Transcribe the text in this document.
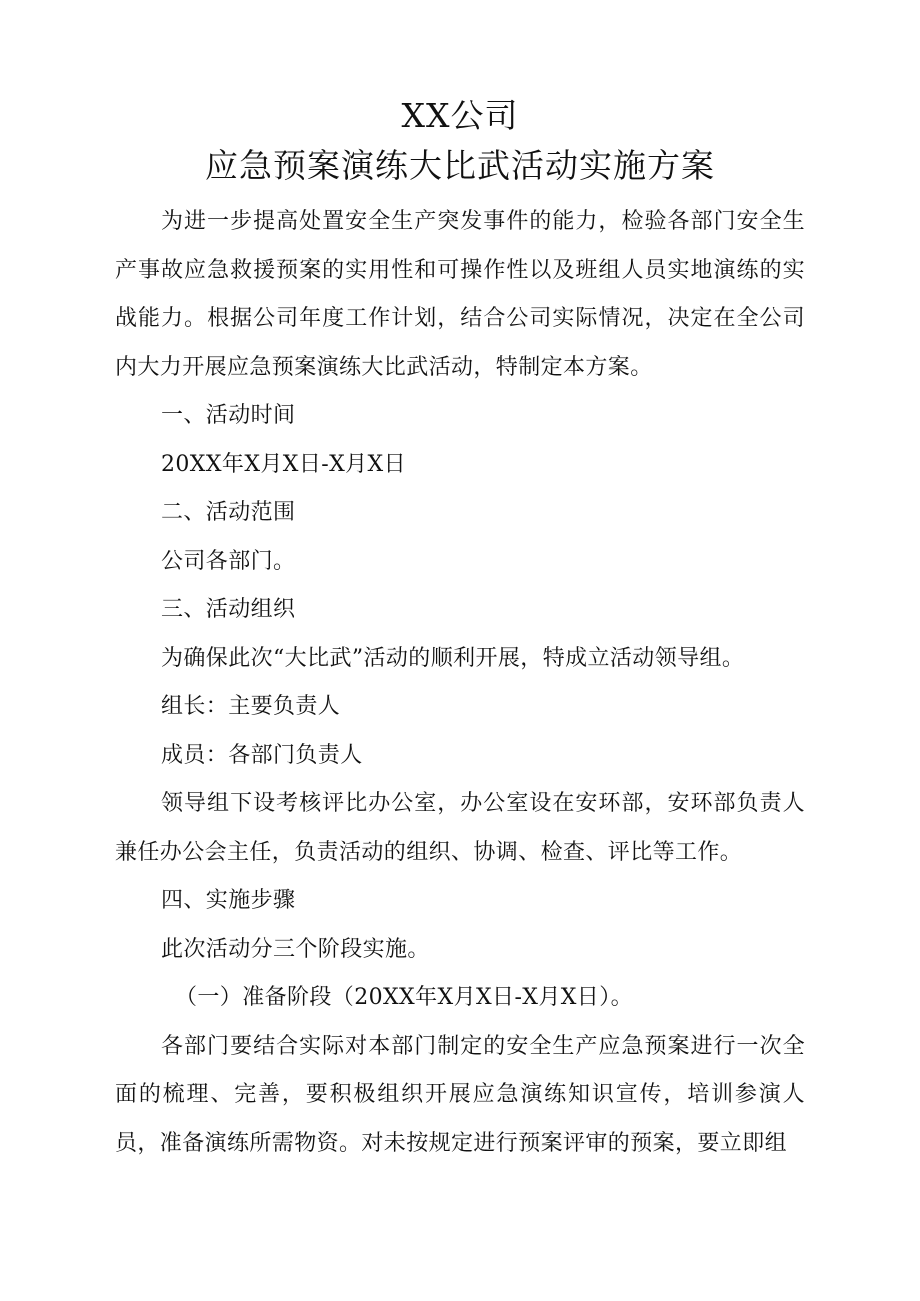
XX公司
应急预案演练大比武活动实施方案

为进一步提高处置安全生产突发事件的能力，检验各部门安全生产事故应急救援预案的实用性和可操作性以及班组人员实地演练的实战能力。根据公司年度工作计划，结合公司实际情况，决定在全公司内大力开展应急预案演练大比武活动，特制定本方案。

一、活动时间

20XX年X月X日-X月X日

二、活动范围

公司各部门。

三、活动组织

为确保此次“大比武”活动的顺利开展，特成立活动领导组。

组长：主要负责人

成员：各部门负责人

领导组下设考核评比办公室，办公室设在安环部，安环部负责人兼任办公会主任，负责活动的组织、协调、检查、评比等工作。

四、实施步骤

此次活动分三个阶段实施。

（一）准备阶段（20XX年X月X日-X月X日）。

各部门要结合实际对本部门制定的安全生产应急预案进行一次全面的梳理、完善，要积极组织开展应急演练知识宣传，培训参演人员，准备演练所需物资。对未按规定进行预案评审的预案，要立即组
